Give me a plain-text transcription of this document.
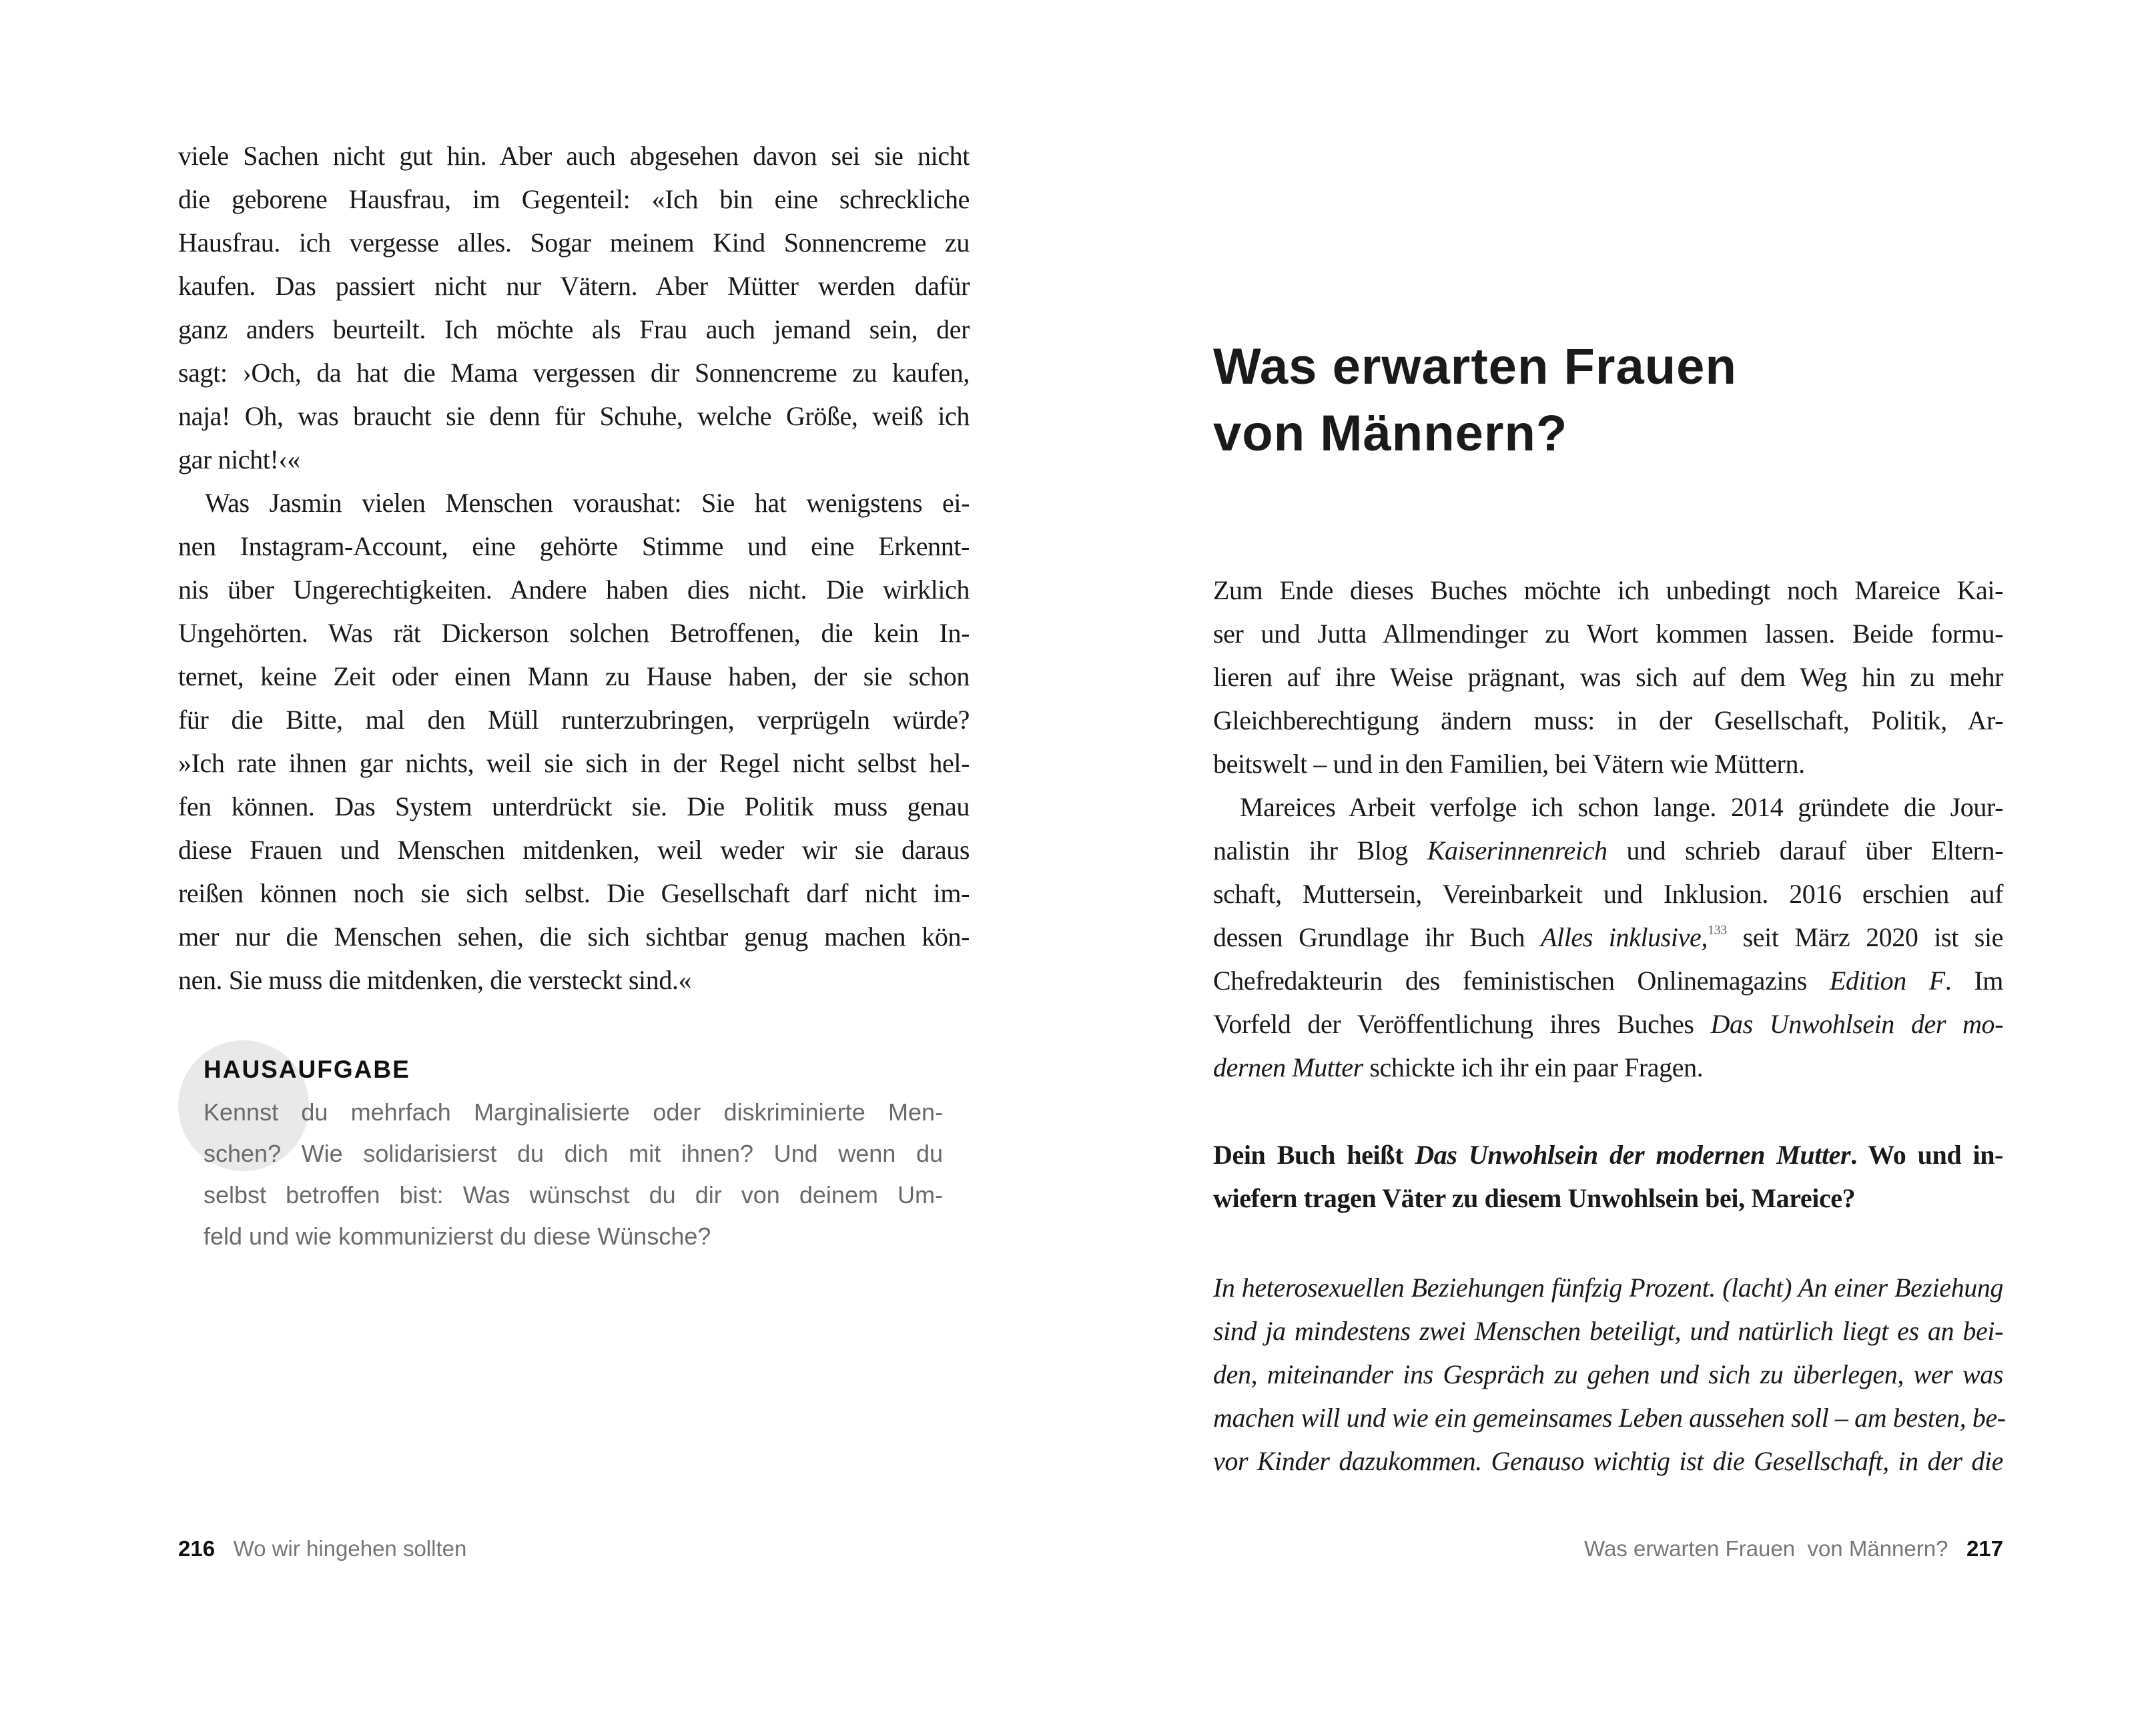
viele Sachen nicht gut hin. Aber auch abgesehen davon sei sie nicht
die geborene Hausfrau, im Gegenteil: «Ich bin eine schreckliche
Hausfrau. ich vergesse alles. Sogar meinem Kind Sonnencreme zu
kaufen. Das passiert nicht nur Vätern. Aber Mütter werden dafür
ganz anders beurteilt. Ich möchte als Frau auch jemand sein, der
sagt: ›Och, da hat die Mama vergessen dir Sonnencreme zu kaufen,
naja! Oh, was braucht sie denn für Schuhe, welche Größe, weiß ich
gar nicht!‹«
Was Jasmin vielen Menschen voraushat: Sie hat wenigstens ei-
nen Instagram-Account, eine gehörte Stimme und eine Erkennt-
nis über Ungerechtigkeiten. Andere haben dies nicht. Die wirklich
Ungehörten. Was rät Dickerson solchen Betroffenen, die kein In-
ternet, keine Zeit oder einen Mann zu Hause haben, der sie schon
für die Bitte, mal den Müll runterzubringen, verprügeln würde?
»Ich rate ihnen gar nichts, weil sie sich in der Regel nicht selbst hel-
fen können. Das System unterdrückt sie. Die Politik muss genau
diese Frauen und Menschen mitdenken, weil weder wir sie daraus
reißen können noch sie sich selbst. Die Gesellschaft darf nicht im-
mer nur die Menschen sehen, die sich sichtbar genug machen kön-
nen. Sie muss die mitdenken, die versteckt sind.«
HAUSAUFGABE
Kennst du mehrfach Marginalisierte oder diskriminierte Men-
schen? Wie solidarisierst du dich mit ihnen? Und wenn du
selbst betroffen bist: Was wünschst du dir von deinem Um-
feld und wie kommunizierst du diese Wünsche?
216 Wo wir hingehen sollten
Was erwarten Frauen
von Männern?
Zum Ende dieses Buches möchte ich unbedingt noch Mareice Kai-
ser und Jutta Allmendinger zu Wort kommen lassen. Beide formu-
lieren auf ihre Weise prägnant, was sich auf dem Weg hin zu mehr
Gleichberechtigung ändern muss: in der Gesellschaft, Politik, Ar-
beitswelt – und in den Familien, bei Vätern wie Müttern.
Mareices Arbeit verfolge ich schon lange. 2014 gründete die Jour-
nalistin ihr Blog Kaiserinnenreich und schrieb darauf über Eltern-
schaft, Muttersein, Vereinbarkeit und Inklusion. 2016 erschien auf
dessen Grundlage ihr Buch Alles inklusive,$^{133}$ seit März 2020 ist sie
Chefredakteurin des feministischen Onlinemagazins Edition F. Im
Vorfeld der Veröffentlichung ihres Buches Das Unwohlsein der mo-
dernen Mutter schickte ich ihr ein paar Fragen.
Dein Buch heißt Das Unwohlsein der modernen Mutter. Wo und in-
wiefern tragen Väter zu diesem Unwohlsein bei, Mareice?
In heterosexuellen Beziehungen fünfzig Prozent. (lacht) An einer Beziehung
sind ja mindestens zwei Menschen beteiligt, und natürlich liegt es an bei-
den, miteinander ins Gespräch zu gehen und sich zu überlegen, wer was
machen will und wie ein gemeinsames Leben aussehen soll – am besten, be-
vor Kinder dazukommen. Genauso wichtig ist die Gesellschaft, in der die
Was erwarten Frauen  von Männern? 217
